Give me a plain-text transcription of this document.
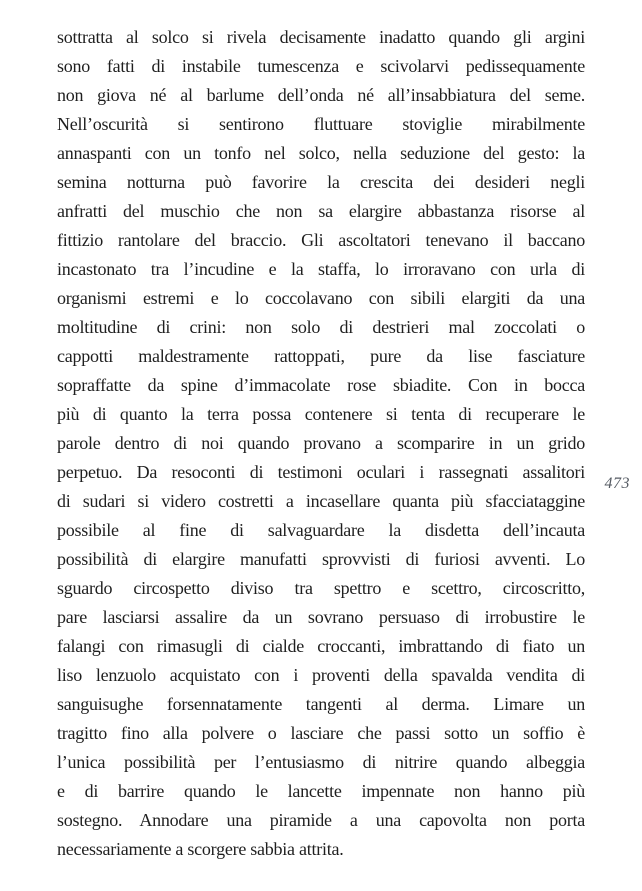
sottratta al solco si rivela decisamente inadatto quando gli argini
sono fatti di instabile tumescenza e scivolarvi pedissequamente
non giova né al barlume dell’onda né all’insabbiatura del seme.
Nell’oscurità si sentirono fluttuare stoviglie mirabilmente
annaspanti con un tonfo nel solco, nella seduzione del gesto: la
semina notturna può favorire la crescita dei desideri negli
anfratti del muschio che non sa elargire abbastanza risorse al
fittizio rantolare del braccio. Gli ascoltatori tenevano il baccano
incastonato tra l’incudine e la staffa, lo irroravano con urla di
organismi estremi e lo coccolavano con sibili elargiti da una
moltitudine di crini: non solo di destrieri mal zoccolati o
cappotti maldestramente rattoppati, pure da lise fasciature
sopraffatte da spine d’immacolate rose sbiadite. Con in bocca
più di quanto la terra possa contenere si tenta di recuperare le
parole dentro di noi quando provano a scomparire in un grido
perpetuo. Da resoconti di testimoni oculari i rassegnati assalitori
di sudari si videro costretti a incasellare quanta più sfacciataggine
possibile al fine di salvaguardare la disdetta dell’incauta
possibilità di elargire manufatti sprovvisti di furiosi avventi. Lo
sguardo circospetto diviso tra spettro e scettro, circoscritto,
pare lasciarsi assalire da un sovrano persuaso di irrobustire le
falangi con rimasugli di cialde croccanti, imbrattando di fiato un
liso lenzuolo acquistato con i proventi della spavalda vendita di
sanguisughe forsennatamente tangenti al derma. Limare un
tragitto fino alla polvere o lasciare che passi sotto un soffio è
l’unica possibilità per l’entusiasmo di nitrire quando albeggia
e di barrire quando le lancette impennate non hanno più
sostegno. Annodare una piramide a una capovolta non porta
necessariamente a scorgere sabbia attrita.
473
